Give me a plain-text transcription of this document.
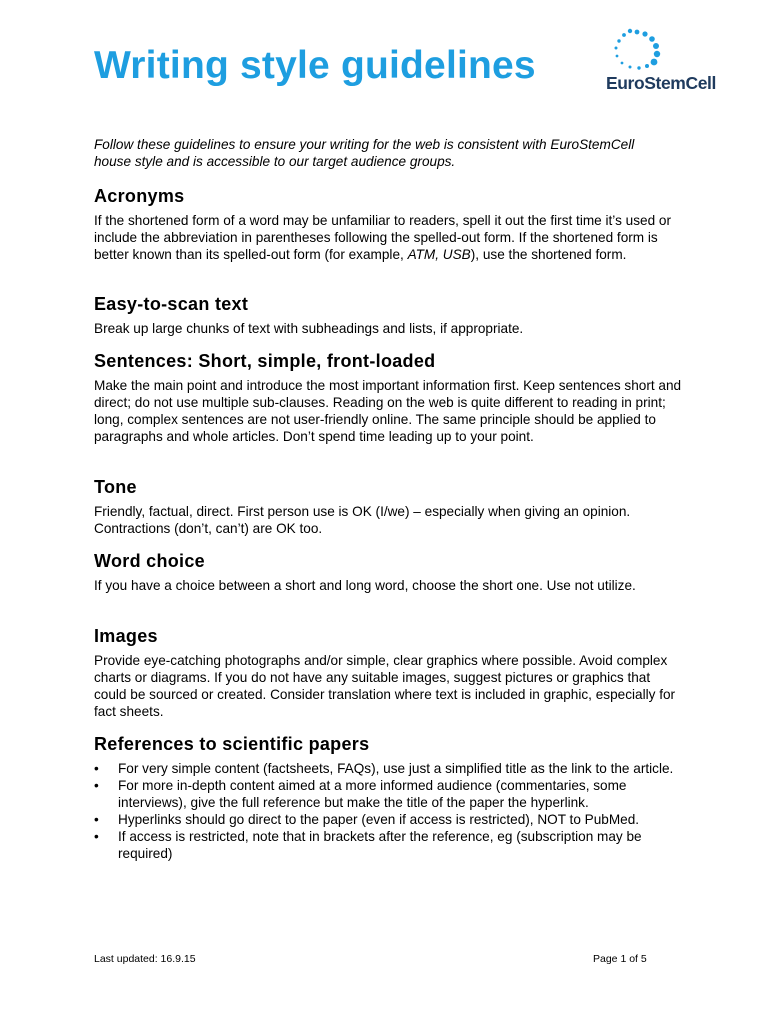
Writing style guidelines	EuroStemCell

Follow these guidelines to ensure your writing for the web is consistent with EuroStemCell house style and is accessible to our target audience groups.

Acronyms

If the shortened form of a word may be unfamiliar to readers, spell it out the first time it’s used or include the abbreviation in parentheses following the spelled-out form. If the shortened form is better known than its spelled-out form (for example, ATM, USB), use the shortened form.

Easy-to-scan text

Break up large chunks of text with subheadings and lists, if appropriate.

Sentences: Short, simple, front-loaded

Make the main point and introduce the most important information first. Keep sentences short and direct; do not use multiple sub-clauses. Reading on the web is quite different to reading in print; long, complex sentences are not user-friendly online. The same principle should be applied to paragraphs and whole articles. Don’t spend time leading up to your point.

Tone

Friendly, factual, direct. First person use is OK (I/we) – especially when giving an opinion. Contractions (don’t, can’t) are OK too.

Word choice

If you have a choice between a short and long word, choose the short one. Use not utilize.

Images

Provide eye-catching photographs and/or simple, clear graphics where possible. Avoid complex charts or diagrams. If you do not have any suitable images, suggest pictures or graphics that could be sourced or created. Consider translation where text is included in graphic, especially for fact sheets.

References to scientific papers
• For very simple content (factsheets, FAQs), use just a simplified title as the link to the article.
• For more in-depth content aimed at a more informed audience (commentaries, some interviews), give the full reference but make the title of the paper the hyperlink.
• Hyperlinks should go direct to the paper (even if access is restricted), NOT to PubMed.
• If access is restricted, note that in brackets after the reference, eg (subscription may be required)
Last updated: 16.9.15	Page 1 of 5
